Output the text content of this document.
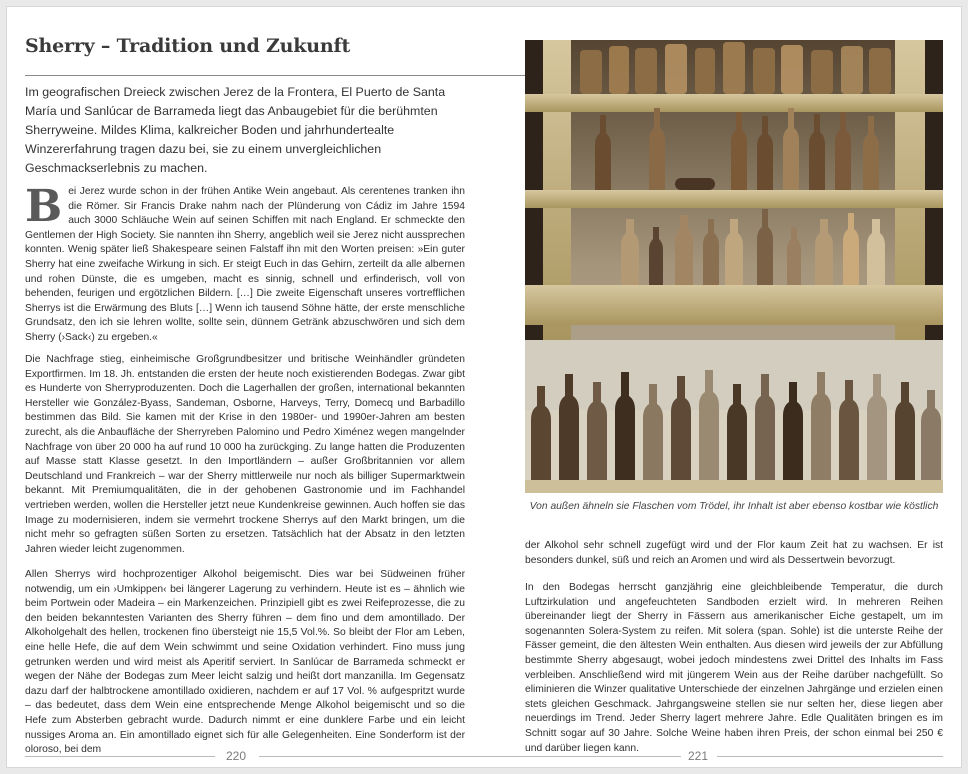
Sherry – Tradition und Zukunft

Im geografischen Dreieck zwischen Jerez de la Frontera, El Puerto de Santa María und Sanlúcar de Barrameda liegt das Anbaugebiet für die berühmten Sherryweine. Mildes Klima, kalkreicher Boden und jahrhundertealte Winzererfahrung tragen dazu bei, sie zu einem unvergleichlichen Geschmackserlebnis zu machen.

Bei Jerez wurde schon in der frühen Antike Wein angebaut. Als cerentenes tranken ihn die Römer. Sir Francis Drake nahm nach der Plünderung von Cádiz im Jahre 1594 auch 3000 Schläuche Wein auf seinen Schiffen mit nach England. Er schmeckte den Gentlemen der High Society. Sie nannten ihn Sherry, angeblich weil sie Jerez nicht aussprechen konnten. Wenig später ließ Shakespeare seinen Falstaff ihn mit den Worten preisen: »Ein guter Sherry hat eine zweifache Wirkung in sich. Er steigt Euch in das Gehirn, zerteilt da alle albernen und rohen Dünste, die es umgeben, macht es sinnig, schnell und erfinderisch, voll von behenden, feurigen und ergötzlichen Bildern. […] Die zweite Eigenschaft unseres vortrefflichen Sherrys ist die Erwärmung des Bluts […] Wenn ich tausend Söhne hätte, der erste menschliche Grundsatz, den ich sie lehren wollte, sollte sein, dünnem Getränk abzuschwören und sich dem Sherry (›Sack‹) zu ergeben.«

Die Nachfrage stieg, einheimische Großgrundbesitzer und britische Weinhändler gründeten Exportfirmen. Im 18. Jh. entstanden die ersten der heute noch existierenden Bodegas. Zwar gibt es Hunderte von Sherryproduzenten. Doch die Lagerhallen der großen, international bekannten Hersteller wie González-Byass, Sandeman, Osborne, Harveys, Terry, Domecq und Barbadillo bestimmen das Bild. Sie kamen mit der Krise in den 1980er- und 1990er-Jahren am besten zurecht, als die Anbaufläche der Sherryreben Palomino und Pedro Ximénez wegen mangelnder Nachfrage von über 20 000 ha auf rund 10 000 ha zurückging. Zu lange hatten die Produzenten auf Masse statt Klasse gesetzt. In den Importländern – außer Großbritannien vor allem Deutschland und Frankreich – war der Sherry mittlerweile nur noch als billiger Supermarktwein bekannt. Mit Premiumqualitäten, die in der gehobenen Gastronomie und im Fachhandel vertrieben werden, wollen die Hersteller jetzt neue Kundenkreise gewinnen. Auch hoffen sie das Image zu modernisieren, indem sie vermehrt trockene Sherrys auf den Markt bringen, um die nicht mehr so gefragten süßen Sorten zu ersetzen. Tatsächlich hat der Absatz in den letzten Jahren wieder leicht zugenommen.

Allen Sherrys wird hochprozentiger Alkohol beigemischt. Dies war bei Südweinen früher notwendig, um ein ›Umkippen‹ bei längerer Lagerung zu verhindern. Heute ist es – ähnlich wie beim Portwein oder Madeira – ein Markenzeichen. Prinzipiell gibt es zwei Reifeprozesse, die zu den beiden bekanntesten Varianten des Sherry führen – dem fino und dem amontillado. Der Alkoholgehalt des hellen, trockenen fino übersteigt nie 15,5 Vol.%. So bleibt der Flor am Leben, eine helle Hefe, die auf dem Wein schwimmt und seine Oxidation verhindert. Fino muss jung getrunken werden und wird meist als Aperitif serviert. In Sanlúcar de Barrameda schmeckt er wegen der Nähe der Bodegas zum Meer leicht salzig und heißt dort manzanilla. Im Gegensatz dazu darf der halbtrockene amontillado oxidieren, nachdem er auf 17 Vol. % aufgespritzt wurde – das bedeutet, dass dem Wein eine entsprechende Menge Alkohol beigemischt und so die Hefe zum Absterben gebracht wurde. Dadurch nimmt er eine dunklere Farbe und ein leicht nussiges Aroma an. Ein amontillado eignet sich für alle Gelegenheiten. Eine Sonderform ist der oloroso, bei dem	220

Von außen ähneln sie Flaschen vom Trödel, ihr Inhalt ist aber ebenso kostbar wie köstlich

der Alkohol sehr schnell zugefügt wird und der Flor kaum Zeit hat zu wachsen. Er ist besonders dunkel, süß und reich an Aromen und wird als Dessertwein bevorzugt.

In den Bodegas herrscht ganzjährig eine gleichbleibende Temperatur, die durch Luftzirkulation und angefeuchteten Sandboden erzielt wird. In mehreren Reihen übereinander liegt der Sherry in Fässern aus amerikanischer Eiche gestapelt, um im sogenannten Solera-System zu reifen. Mit solera (span. Sohle) ist die unterste Reihe der Fässer gemeint, die den ältesten Wein enthalten. Aus diesen wird jeweils der zur Abfüllung bestimmte Sherry abgesaugt, wobei jedoch mindestens zwei Drittel des Inhalts im Fass verbleiben. Anschließend wird mit jüngerem Wein aus der Reihe darüber nachgefüllt. So eliminieren die Winzer qualitative Unterschiede der einzelnen Jahrgänge und erzielen einen stets gleichen Geschmack. Jahrgangsweine stellen sie nur selten her, diese liegen aber neuerdings im Trend. Jeder Sherry lagert mehrere Jahre. Edle Qualitäten bringen es im Schnitt sogar auf 30 Jahre. Solche Weine haben ihren Preis, der schon einmal bei 250 € und darüber liegen kann.

221
